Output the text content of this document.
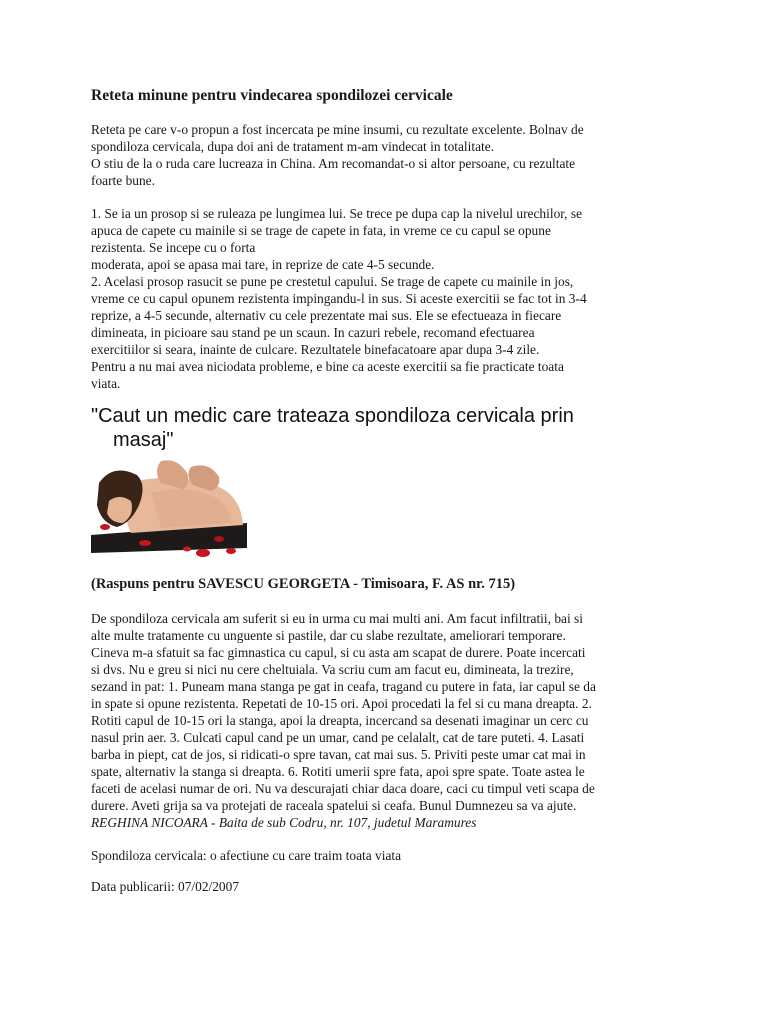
Reteta minune pentru vindecarea spondilozei cervicale
Reteta pe care v-o propun a fost incercata pe mine insumi, cu rezultate excelente. Bolnav de
spondiloza cervicala, dupa doi ani de tratament m-am vindecat in totalitate.
O stiu de la o ruda care lucreaza in China. Am recomandat-o si altor persoane, cu rezultate
foarte bune.
1. Se ia un prosop si se ruleaza pe lungimea lui. Se trece pe dupa cap la nivelul urechilor, se
apuca de capete cu mainile si se trage de capete in fata, in vreme ce cu capul se opune
rezistenta. Se incepe cu o forta
moderata, apoi se apasa mai tare, in reprize de cate 4-5 secunde.
2. Acelasi prosop rasucit se pune pe crestetul capului. Se trage de capete cu mainile in jos,
vreme ce cu capul opunem rezistenta impingandu-l in sus. Si aceste exercitii se fac tot in 3-4
reprize, a 4-5 secunde, alternativ cu cele prezentate mai sus. Ele se efectueaza in fiecare
dimineata, in picioare sau stand pe un scaun. In cazuri rebele, recomand efectuarea
exercitiilor si seara, inainte de culcare. Rezultatele binefacatoare apar dupa 3-4 zile.
Pentru a nu mai avea niciodata probleme, e bine ca aceste exercitii sa fie practicate toata
viata.
"Caut un medic care trateaza spondiloza cervicala prin
masaj"
(Raspuns pentru SAVESCU GEORGETA - Timisoara, F. AS nr. 715)
De spondiloza cervicala am suferit si eu in urma cu mai multi ani. Am facut infiltratii, bai si
alte multe tratamente cu unguente si pastile, dar cu slabe rezultate, ameliorari temporare.
Cineva m-a sfatuit sa fac gimnastica cu capul, si cu asta am scapat de durere. Poate incercati
si dvs. Nu e greu si nici nu cere cheltuiala. Va scriu cum am facut eu, dimineata, la trezire,
sezand in pat: 1. Puneam mana stanga pe gat in ceafa, tragand cu putere in fata, iar capul se da
in spate si opune rezistenta. Repetati de 10-15 ori. Apoi procedati la fel si cu mana dreapta. 2.
Rotiti capul de 10-15 ori la stanga, apoi la dreapta, incercand sa desenati imaginar un cerc cu
nasul prin aer. 3. Culcati capul cand pe un umar, cand pe celalalt, cat de tare puteti. 4. Lasati
barba in piept, cat de jos, si ridicati-o spre tavan, cat mai sus. 5. Priviti peste umar cat mai in
spate, alternativ la stanga si dreapta. 6. Rotiti umerii spre fata, apoi spre spate. Toate astea le
faceti de acelasi numar de ori. Nu va descurajati chiar daca doare, caci cu timpul veti scapa de
durere. Aveti grija sa va protejati de raceala spatelui si ceafa. Bunul Dumnezeu sa va ajute.
REGHINA NICOARA - Baita de sub Codru, nr. 107, judetul Maramures
Spondiloza cervicala: o afectiune cu care traim toata viata
Data publicarii: 07/02/2007
